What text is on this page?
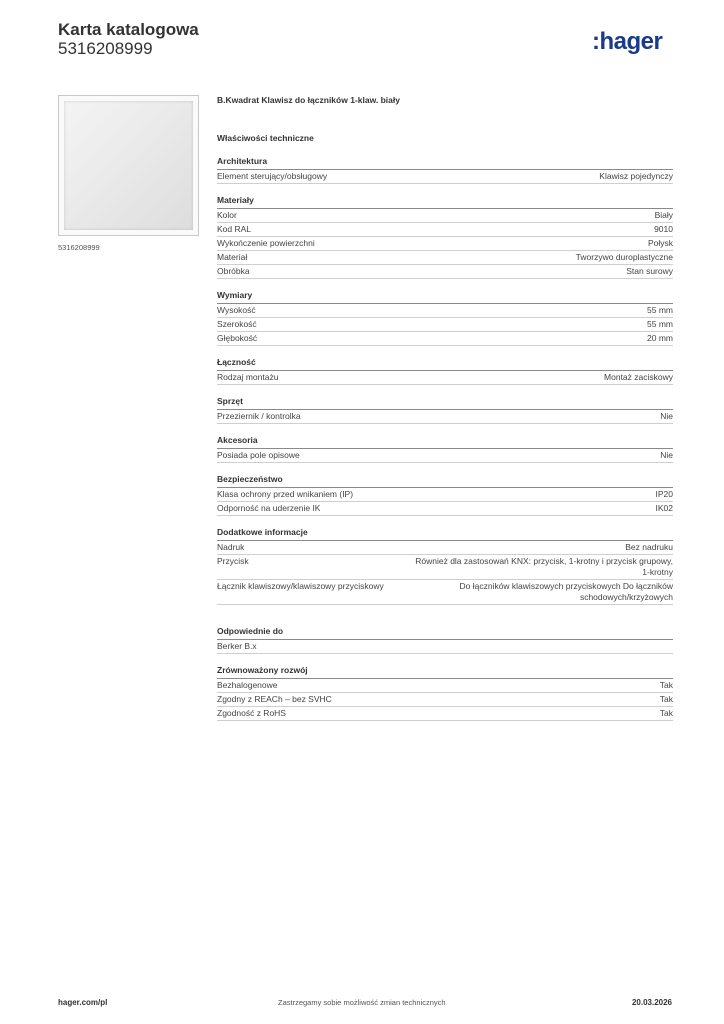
Karta katalogowa
5316208999	:hager
5316208999
B.Kwadrat Klawisz do łączników 1-klaw. biały
Właściwości techniczne
Architektura
Element sterujący/obsługowy	Klawisz pojedynczy
Materiały
Kolor	Biały
Kod RAL	9010
Wykończenie powierzchni	Połysk
Materiał	Tworzywo duroplastyczne
Obróbka	Stan surowy
Wymiary
Wysokość	55 mm
Szerokość	55 mm
Głębokość	20 mm
Łączność
Rodzaj montażu	Montaż zaciskowy
Sprzęt
Przeziernik / kontrolka	Nie
Akcesoria
Posiada pole opisowe	Nie
Bezpieczeństwo
Klasa ochrony przed wnikaniem (IP)	IP20
Odporność na uderzenie IK	IK02
Dodatkowe informacje
Nadruk	Bez nadruku
Przycisk	Również dla zastosowań KNX: przycisk, 1-krotny i przycisk grupowy, 1-krotny
Łącznik klawiszowy/klawiszowy przyciskowy	Do łączników klawiszowych przyciskowych Do łączników schodowych/krzyżowych
Odpowiednie do
Berker B.x
Zrównoważony rozwój
Bezhalogenowe	Tak
Zgodny z REACh – bez SVHC	Tak
Zgodność z RoHS	Tak
hager.com/pl	Zastrzegamy sobie możliwość zmian technicznych	20.03.2026
